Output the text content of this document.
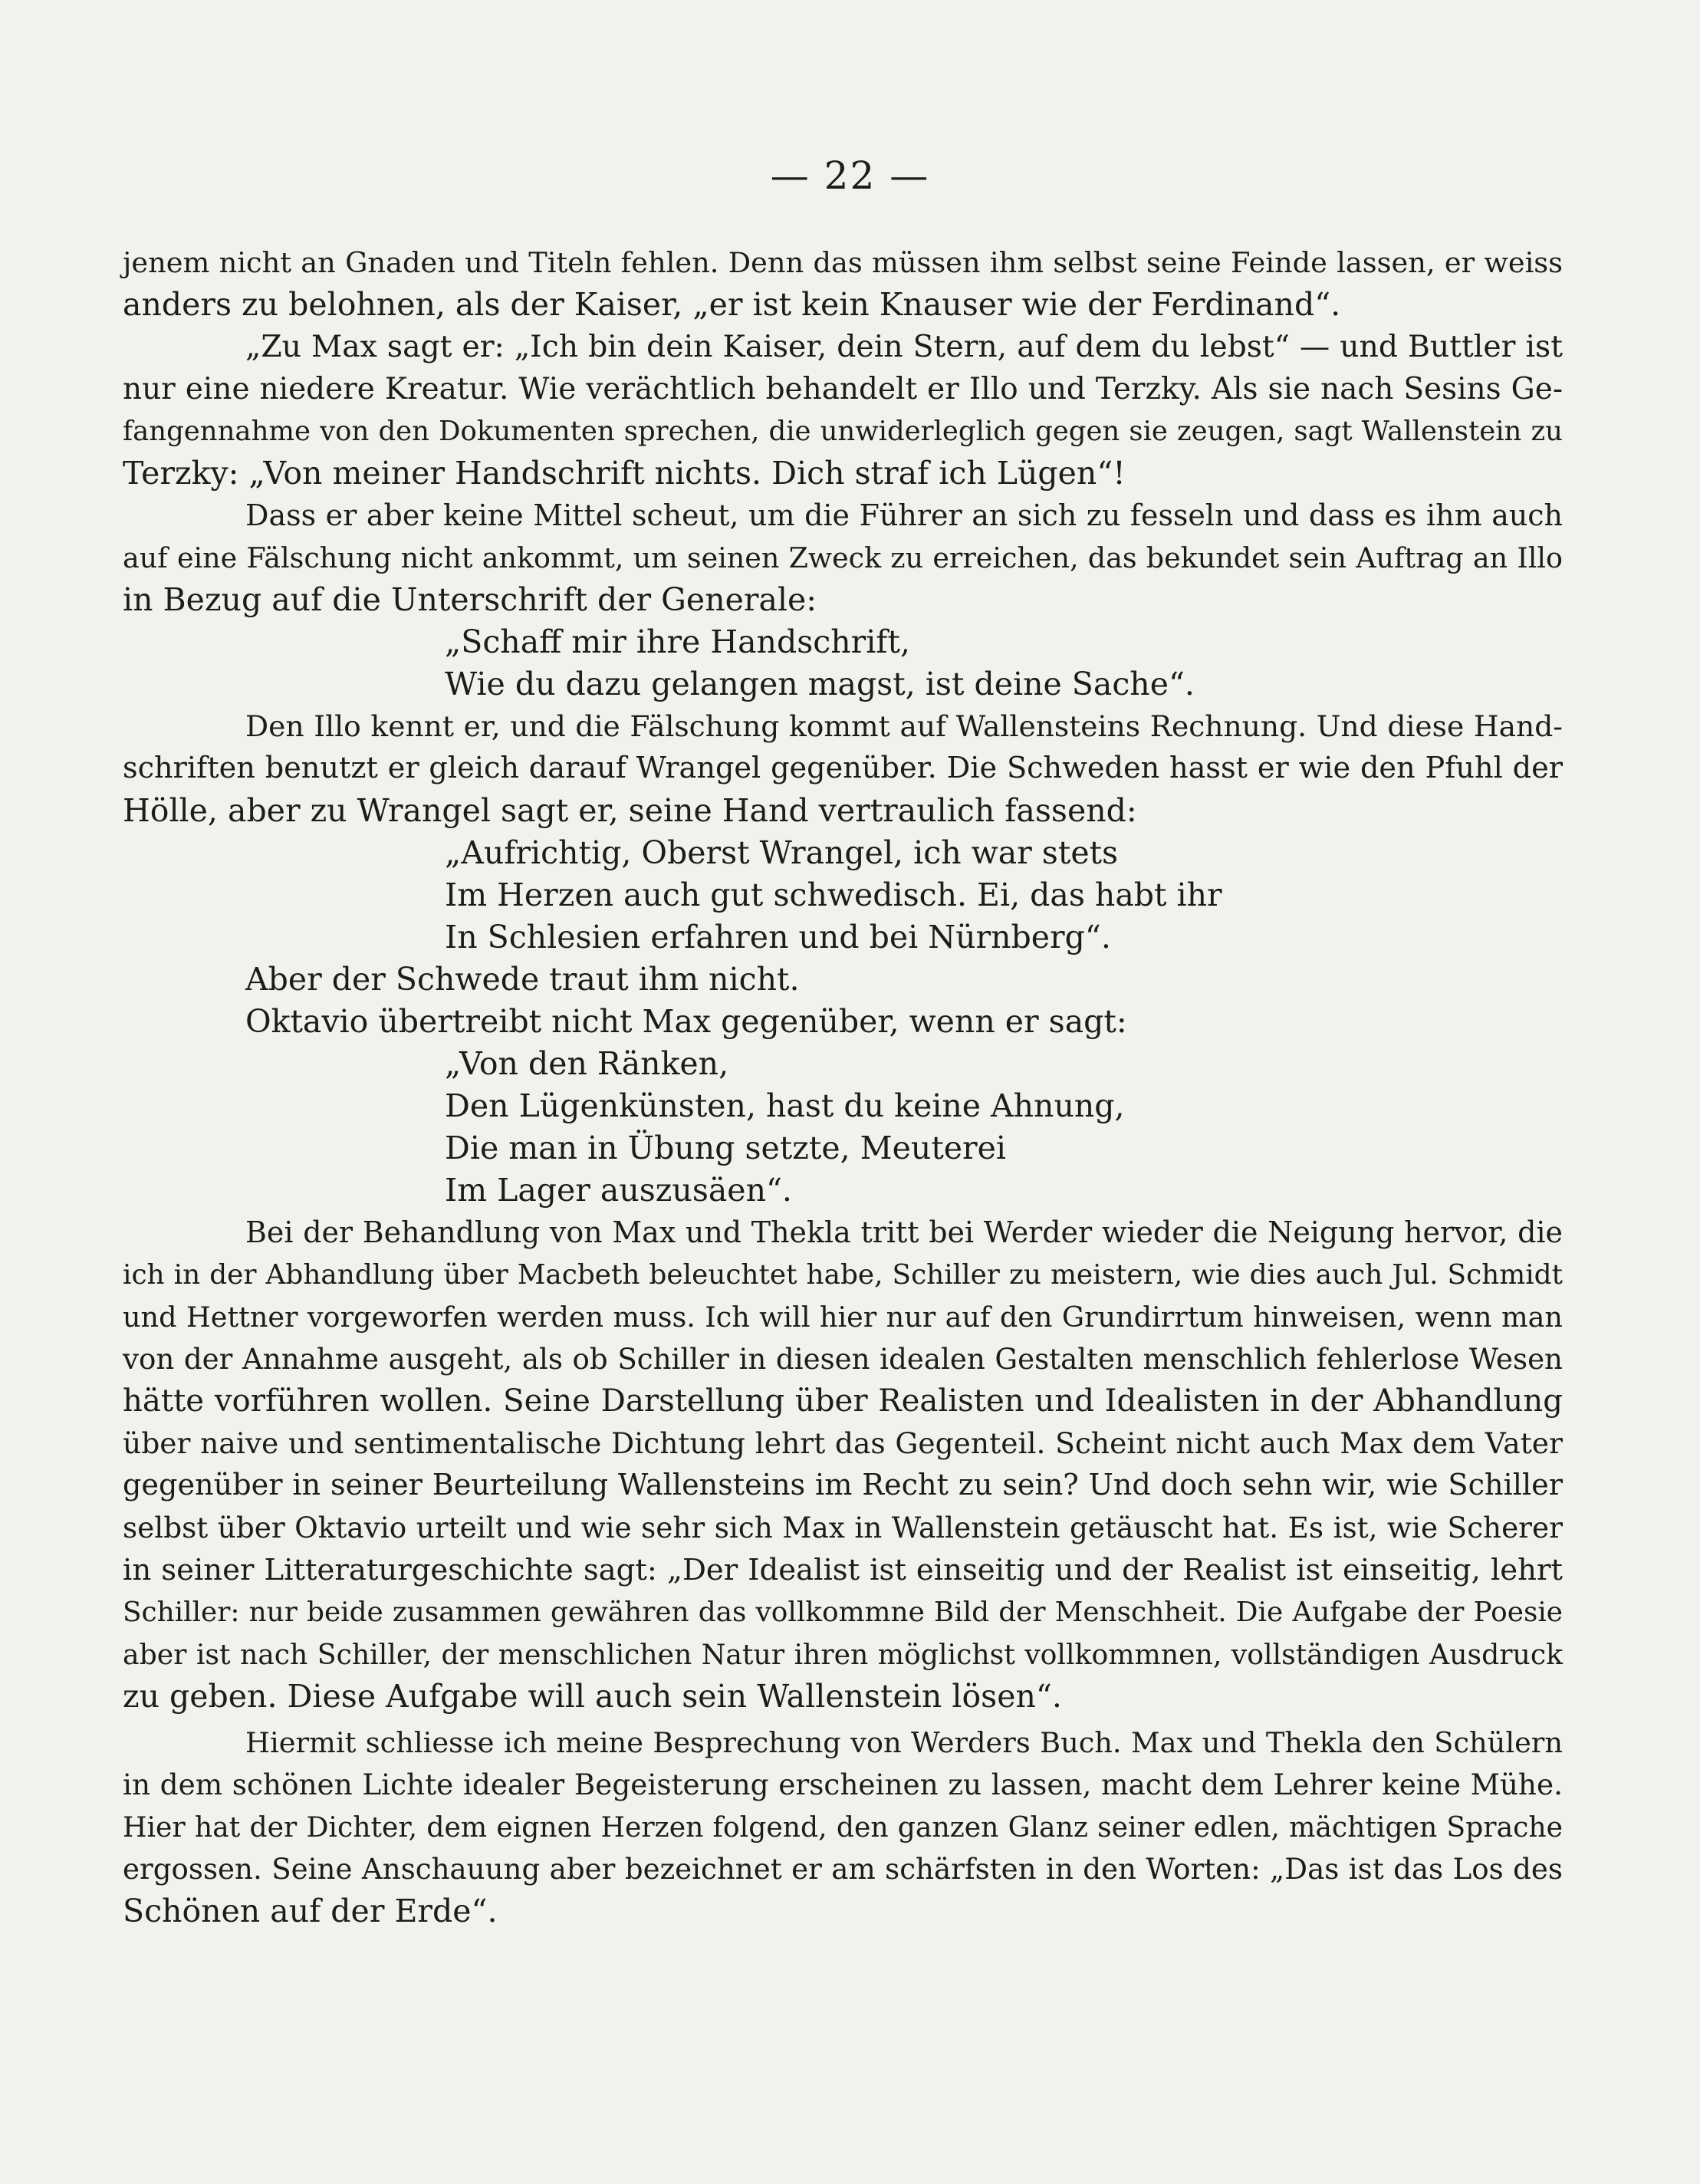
— 22 —
jenem nicht an Gnaden und Titeln fehlen. Denn das müssen ihm selbst seine Feinde lassen, er weiss
anders zu belohnen, als der Kaiser, „er ist kein Knauser wie der Ferdinand“.
„Zu Max sagt er: „Ich bin dein Kaiser, dein Stern, auf dem du lebst“ — und Buttler ist
nur eine niedere Kreatur. Wie verächtlich behandelt er Illo und Terzky. Als sie nach Sesins Ge-
fangennahme von den Dokumenten sprechen, die unwiderleglich gegen sie zeugen, sagt Wallenstein zu
Terzky: „Von meiner Handschrift nichts. Dich straf ich Lügen“!
Dass er aber keine Mittel scheut, um die Führer an sich zu fesseln und dass es ihm auch
auf eine Fälschung nicht ankommt, um seinen Zweck zu erreichen, das bekundet sein Auftrag an Illo
in Bezug auf die Unterschrift der Generale:
„Schaff mir ihre Handschrift,
Wie du dazu gelangen magst, ist deine Sache“.
Den Illo kennt er, und die Fälschung kommt auf Wallensteins Rechnung. Und diese Hand-
schriften benutzt er gleich darauf Wrangel gegenüber. Die Schweden hasst er wie den Pfuhl der
Hölle, aber zu Wrangel sagt er, seine Hand vertraulich fassend:
„Aufrichtig, Oberst Wrangel, ich war stets
Im Herzen auch gut schwedisch. Ei, das habt ihr
In Schlesien erfahren und bei Nürnberg“.
Aber der Schwede traut ihm nicht.
Oktavio übertreibt nicht Max gegenüber, wenn er sagt:
„Von den Ränken,
Den Lügenkünsten, hast du keine Ahnung,
Die man in Übung setzte, Meuterei
Im Lager auszusäen“.
Bei der Behandlung von Max und Thekla tritt bei Werder wieder die Neigung hervor, die
ich in der Abhandlung über Macbeth beleuchtet habe, Schiller zu meistern, wie dies auch Jul. Schmidt
und Hettner vorgeworfen werden muss. Ich will hier nur auf den Grundirrtum hinweisen, wenn man
von der Annahme ausgeht, als ob Schiller in diesen idealen Gestalten menschlich fehlerlose Wesen
hätte vorführen wollen. Seine Darstellung über Realisten und Idealisten in der Abhandlung
über naive und sentimentalische Dichtung lehrt das Gegenteil. Scheint nicht auch Max dem Vater
gegenüber in seiner Beurteilung Wallensteins im Recht zu sein? Und doch sehn wir, wie Schiller
selbst über Oktavio urteilt und wie sehr sich Max in Wallenstein getäuscht hat. Es ist, wie Scherer
in seiner Litteraturgeschichte sagt: „Der Idealist ist einseitig und der Realist ist einseitig, lehrt
Schiller: nur beide zusammen gewähren das vollkommne Bild der Menschheit. Die Aufgabe der Poesie
aber ist nach Schiller, der menschlichen Natur ihren möglichst vollkommnen, vollständigen Ausdruck
zu geben. Diese Aufgabe will auch sein Wallenstein lösen“.
Hiermit schliesse ich meine Besprechung von Werders Buch. Max und Thekla den Schülern
in dem schönen Lichte idealer Begeisterung erscheinen zu lassen, macht dem Lehrer keine Mühe.
Hier hat der Dichter, dem eignen Herzen folgend, den ganzen Glanz seiner edlen, mächtigen Sprache
ergossen. Seine Anschauung aber bezeichnet er am schärfsten in den Worten: „Das ist das Los des
Schönen auf der Erde“.
